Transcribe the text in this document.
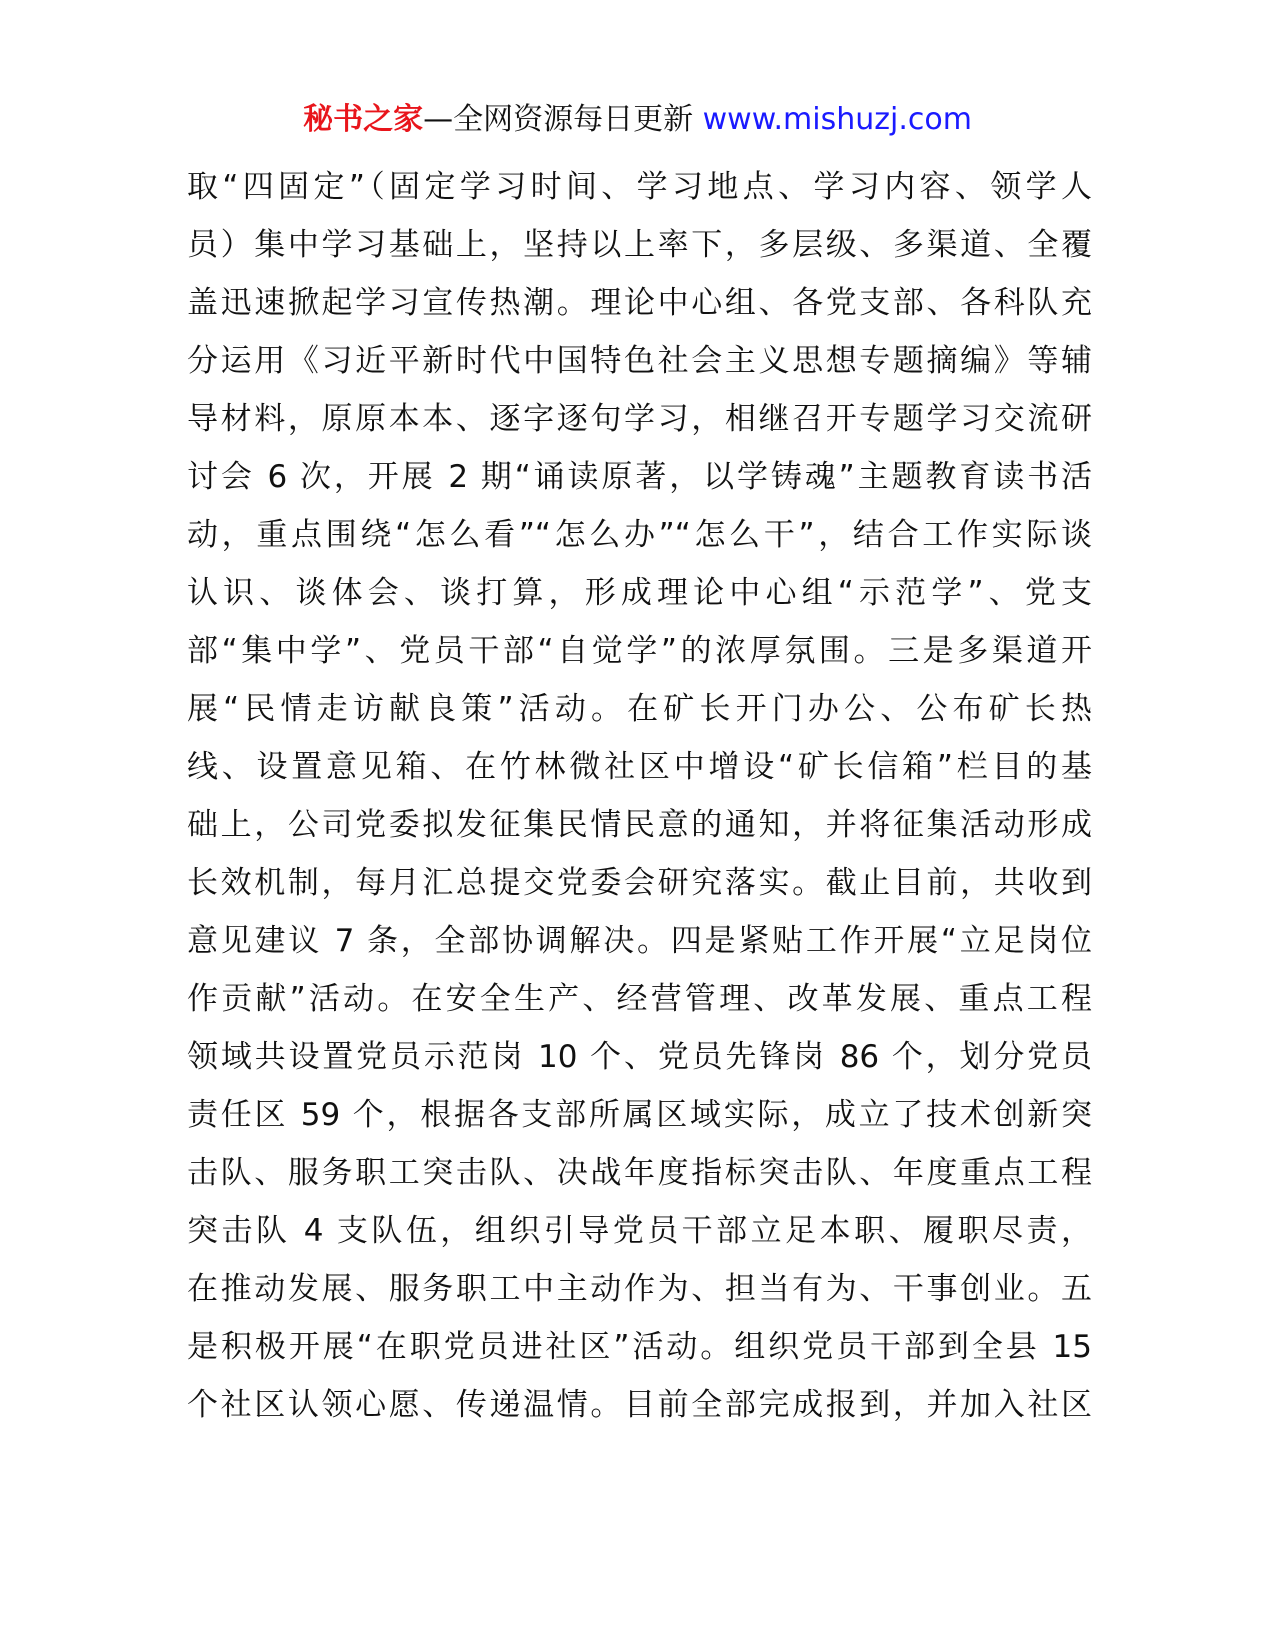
秘书之家—全网资源每日更新 www.mishuzj.com
取“四固定”（固定学习时间、学习地点、学习内容、领学人
员）集中学习基础上，坚持以上率下，多层级、多渠道、全覆
盖迅速掀起学习宣传热潮。理论中心组、各党支部、各科队充
分运用《习近平新时代中国特色社会主义思想专题摘编》等辅
导材料，原原本本、逐字逐句学习，相继召开专题学习交流研
讨会 6 次，开展 2 期“诵读原著，以学铸魂”主题教育读书活
动，重点围绕“怎么看”“怎么办”“怎么干”，结合工作实际谈
认识、谈体会、谈打算，形成理论中心组“示范学”、党支
部“集中学”、党员干部“自觉学”的浓厚氛围。三是多渠道开
展“民情走访献良策”活动。在矿长开门办公、公布矿长热
线、设置意见箱、在竹林微社区中增设“矿长信箱”栏目的基
础上，公司党委拟发征集民情民意的通知，并将征集活动形成
长效机制，每月汇总提交党委会研究落实。截止目前，共收到
意见建议 7 条，全部协调解决。四是紧贴工作开展“立足岗位
作贡献”活动。在安全生产、经营管理、改革发展、重点工程
领域共设置党员示范岗 10 个、党员先锋岗 86 个，划分党员
责任区 59 个，根据各支部所属区域实际，成立了技术创新突
击队、服务职工突击队、决战年度指标突击队、年度重点工程
突击队 4 支队伍，组织引导党员干部立足本职、履职尽责，
在推动发展、服务职工中主动作为、担当有为、干事创业。五
是积极开展“在职党员进社区”活动。组织党员干部到全县 15
个社区认领心愿、传递温情。目前全部完成报到，并加入社区
